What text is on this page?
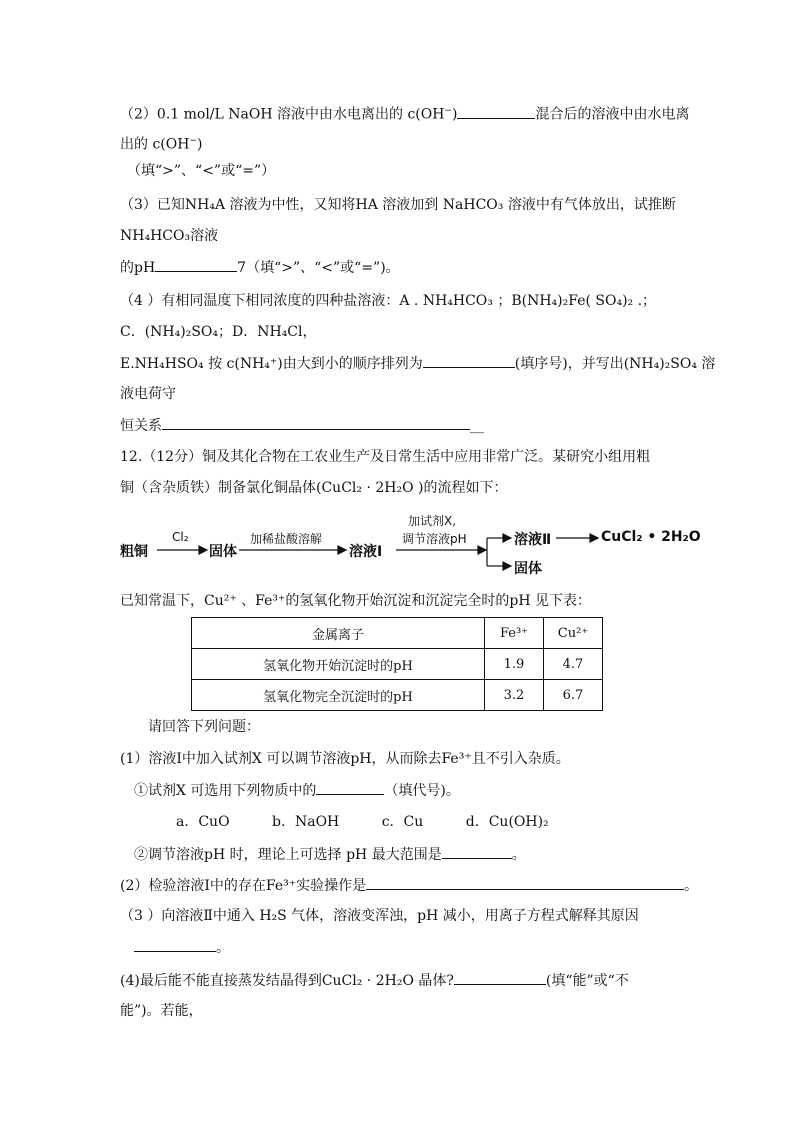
（2）0.1 mol/L NaOH 溶液中由水电离出的 c(OH−)	混合后的溶液中由水电离
出的 c(OH−)
（填“>”、“<”或“=”）
（3）已知NH₄A 溶液为中性，又知将HA 溶液加到 NaHCO₃ 溶液中有气体放出，试推断
NH₄HCO₃溶液
的pH	7（填“>”、“<”或“=”)。
（4 ）有相同温度下相同浓度的四种盐溶液：A . NH₄HCO₃ ；B(NH₄)₂Fe( SO₄)₂ .；
C．(NH₄)₂SO₄；D．NH₄Cl，
E.NH₄HSO₄ 按 c(NH₄⁺)由大到小的顺序排列为	(填序号)，并写出(NH₄)₂SO₄ 溶
液电荷守
恒关系	__
12.（12分）铜及其化合物在工农业生产及日常生活中应用非常广泛。某研究小组用粗
铜（含杂质铁）制备氯化铜晶体(CuCl₂ · 2H₂O )的流程如下：
粗铜
Cl₂
固体
加稀盐酸溶解
溶液Ⅰ
加试剂X,
调节溶液pH	溶液Ⅱ	CuCl₂ • 2H₂O
固体
已知常温下，Cu²⁺ 、Fe³⁺的氢氧化物开始沉淀和沉淀完全时的pH 见下表：
金属离子	Fe³⁺	Cu²⁺
氢氧化物开始沉淀时的pH	1.9	4.7
氢氧化物完全沉淀时的pH	3.2	6.7
请回答下列问题：
(1）溶液Ⅰ中加入试剂X 可以调节溶液pH，从而除去Fe³⁺且不引入杂质。
①试剂X 可选用下列物质中的	（填代号)。
a．CuO	b．NaOH	c．Cu	d．Cu(OH)₂
②调节溶液pH 时，理论上可选择 pH 最大范围是	。
(2）检验溶液Ⅰ中的存在Fe³⁺实验操作是	。
（3 ）向溶液Ⅱ中通入 H₂S 气体，溶液变浑浊，pH 减小，用离子方程式解释其原因
。
(4)最后能不能直接蒸发结晶得到CuCl₂ · 2H₂O 晶体?	(填“能”或“不
能”)。若能，
